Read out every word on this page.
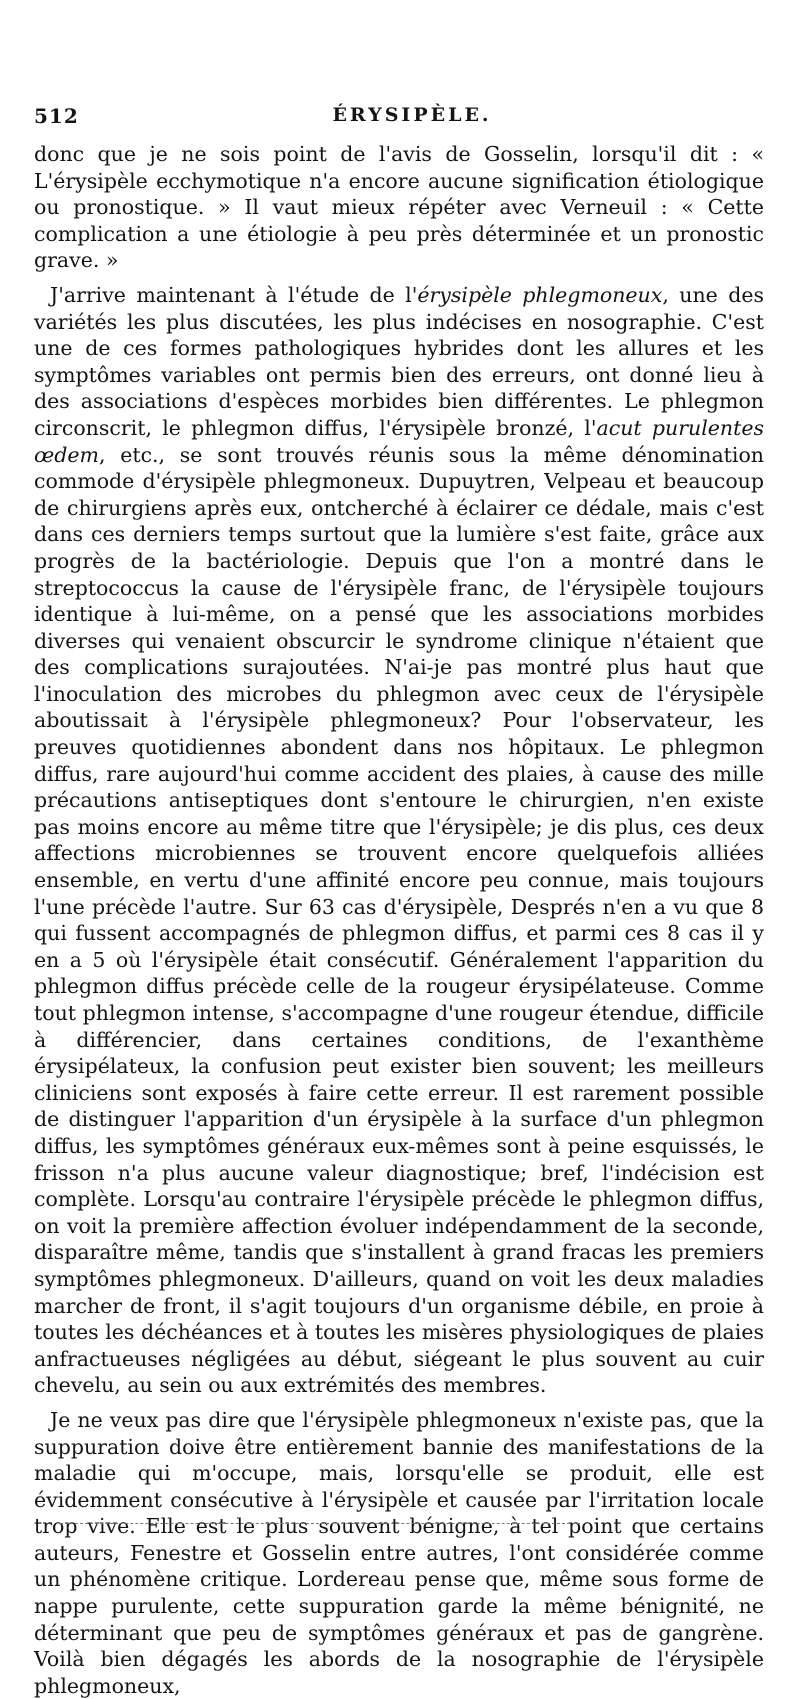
512	ÉRYSIPÈLE.

donc que je ne sois point de l'avis de Gosselin, lorsqu'il dit : « L'érysipèle ecchymotique n'a encore aucune signification étiologique ou pronostique. » Il vaut mieux répéter avec Verneuil : « Cette complication a une étiologie à peu près déterminée et un pronostic grave. »

J'arrive maintenant à l'étude de l'érysipèle phlegmoneux, une des variétés les plus discutées, les plus indécises en nosographie. C'est une de ces formes pathologiques hybrides dont les allures et les symptômes variables ont permis bien des erreurs, ont donné lieu à des associations d'espèces morbides bien différentes. Le phlegmon circonscrit, le phlegmon diffus, l'érysipèle bronzé, l'acut purulentes œdem, etc., se sont trouvés réunis sous la même dénomination commode d'érysipèle phlegmoneux. Dupuytren, Velpeau et beaucoup de chirurgiens après eux, ontcherché à éclairer ce dédale, mais c'est dans ces derniers temps surtout que la lumière s'est faite, grâce aux progrès de la bactériologie. Depuis que l'on a montré dans le streptococcus la cause de l'érysipèle franc, de l'érysipèle toujours identique à lui-même, on a pensé que les associations morbides diverses qui venaient obscurcir le syndrome clinique n'étaient que des complications surajoutées. N'ai-je pas montré plus haut que l'inoculation des microbes du phlegmon avec ceux de l'érysipèle aboutissait à l'érysipèle phlegmoneux? Pour l'observateur, les preuves quotidiennes abondent dans nos hôpitaux. Le phlegmon diffus, rare aujourd'hui comme accident des plaies, à cause des mille précautions antiseptiques dont s'entoure le chirurgien, n'en existe pas moins encore au même titre que l'érysipèle; je dis plus, ces deux affections microbiennes se trouvent encore quelquefois alliées ensemble, en vertu d'une affinité encore peu connue, mais toujours l'une précède l'autre. Sur 63 cas d'érysipèle, Després n'en a vu que 8 qui fussent accompagnés de phlegmon diffus, et parmi ces 8 cas il y en a 5 où l'érysipèle était consécutif. Généralement l'apparition du phlegmon diffus précède celle de la rougeur érysipélateuse. Comme tout phlegmon intense, s'accompagne d'une rougeur étendue, difficile à différencier, dans certaines conditions, de l'exanthème érysipélateux, la confusion peut exister bien souvent; les meilleurs cliniciens sont exposés à faire cette erreur. Il est rarement possible de distinguer l'apparition d'un érysipèle à la surface d'un phlegmon diffus, les symptômes généraux eux-mêmes sont à peine esquissés, le frisson n'a plus aucune valeur diagnostique; bref, l'indécision est complète. Lorsqu'au contraire l'érysipèle précède le phlegmon diffus, on voit la première affection évoluer indépendamment de la seconde, disparaître même, tandis que s'installent à grand fracas les premiers symptômes phlegmoneux. D'ailleurs, quand on voit les deux maladies marcher de front, il s'agit toujours d'un organisme débile, en proie à toutes les déchéances et à toutes les misères physiologiques de plaies anfractueuses négligées au début, siégeant le plus souvent au cuir chevelu, au sein ou aux extrémités des membres.

Je ne veux pas dire que l'érysipèle phlegmoneux n'existe pas, que la suppuration doive être entièrement bannie des manifestations de la maladie qui m'occupe, mais, lorsqu'elle se produit, elle est évidemment consécutive à l'érysipèle et causée par l'irritation locale trop vive. Elle est le plus souvent bénigne, à tel point que certains auteurs, Fenestre et Gosselin entre autres, l'ont considérée comme un phénomène critique. Lordereau pense que, même sous forme de nappe purulente, cette suppuration garde la même bénignité, ne déterminant que peu de symptômes généraux et pas de gangrène. Voilà bien dégagés les abords de la nosographie de l'érysipèle phlegmoneux,
